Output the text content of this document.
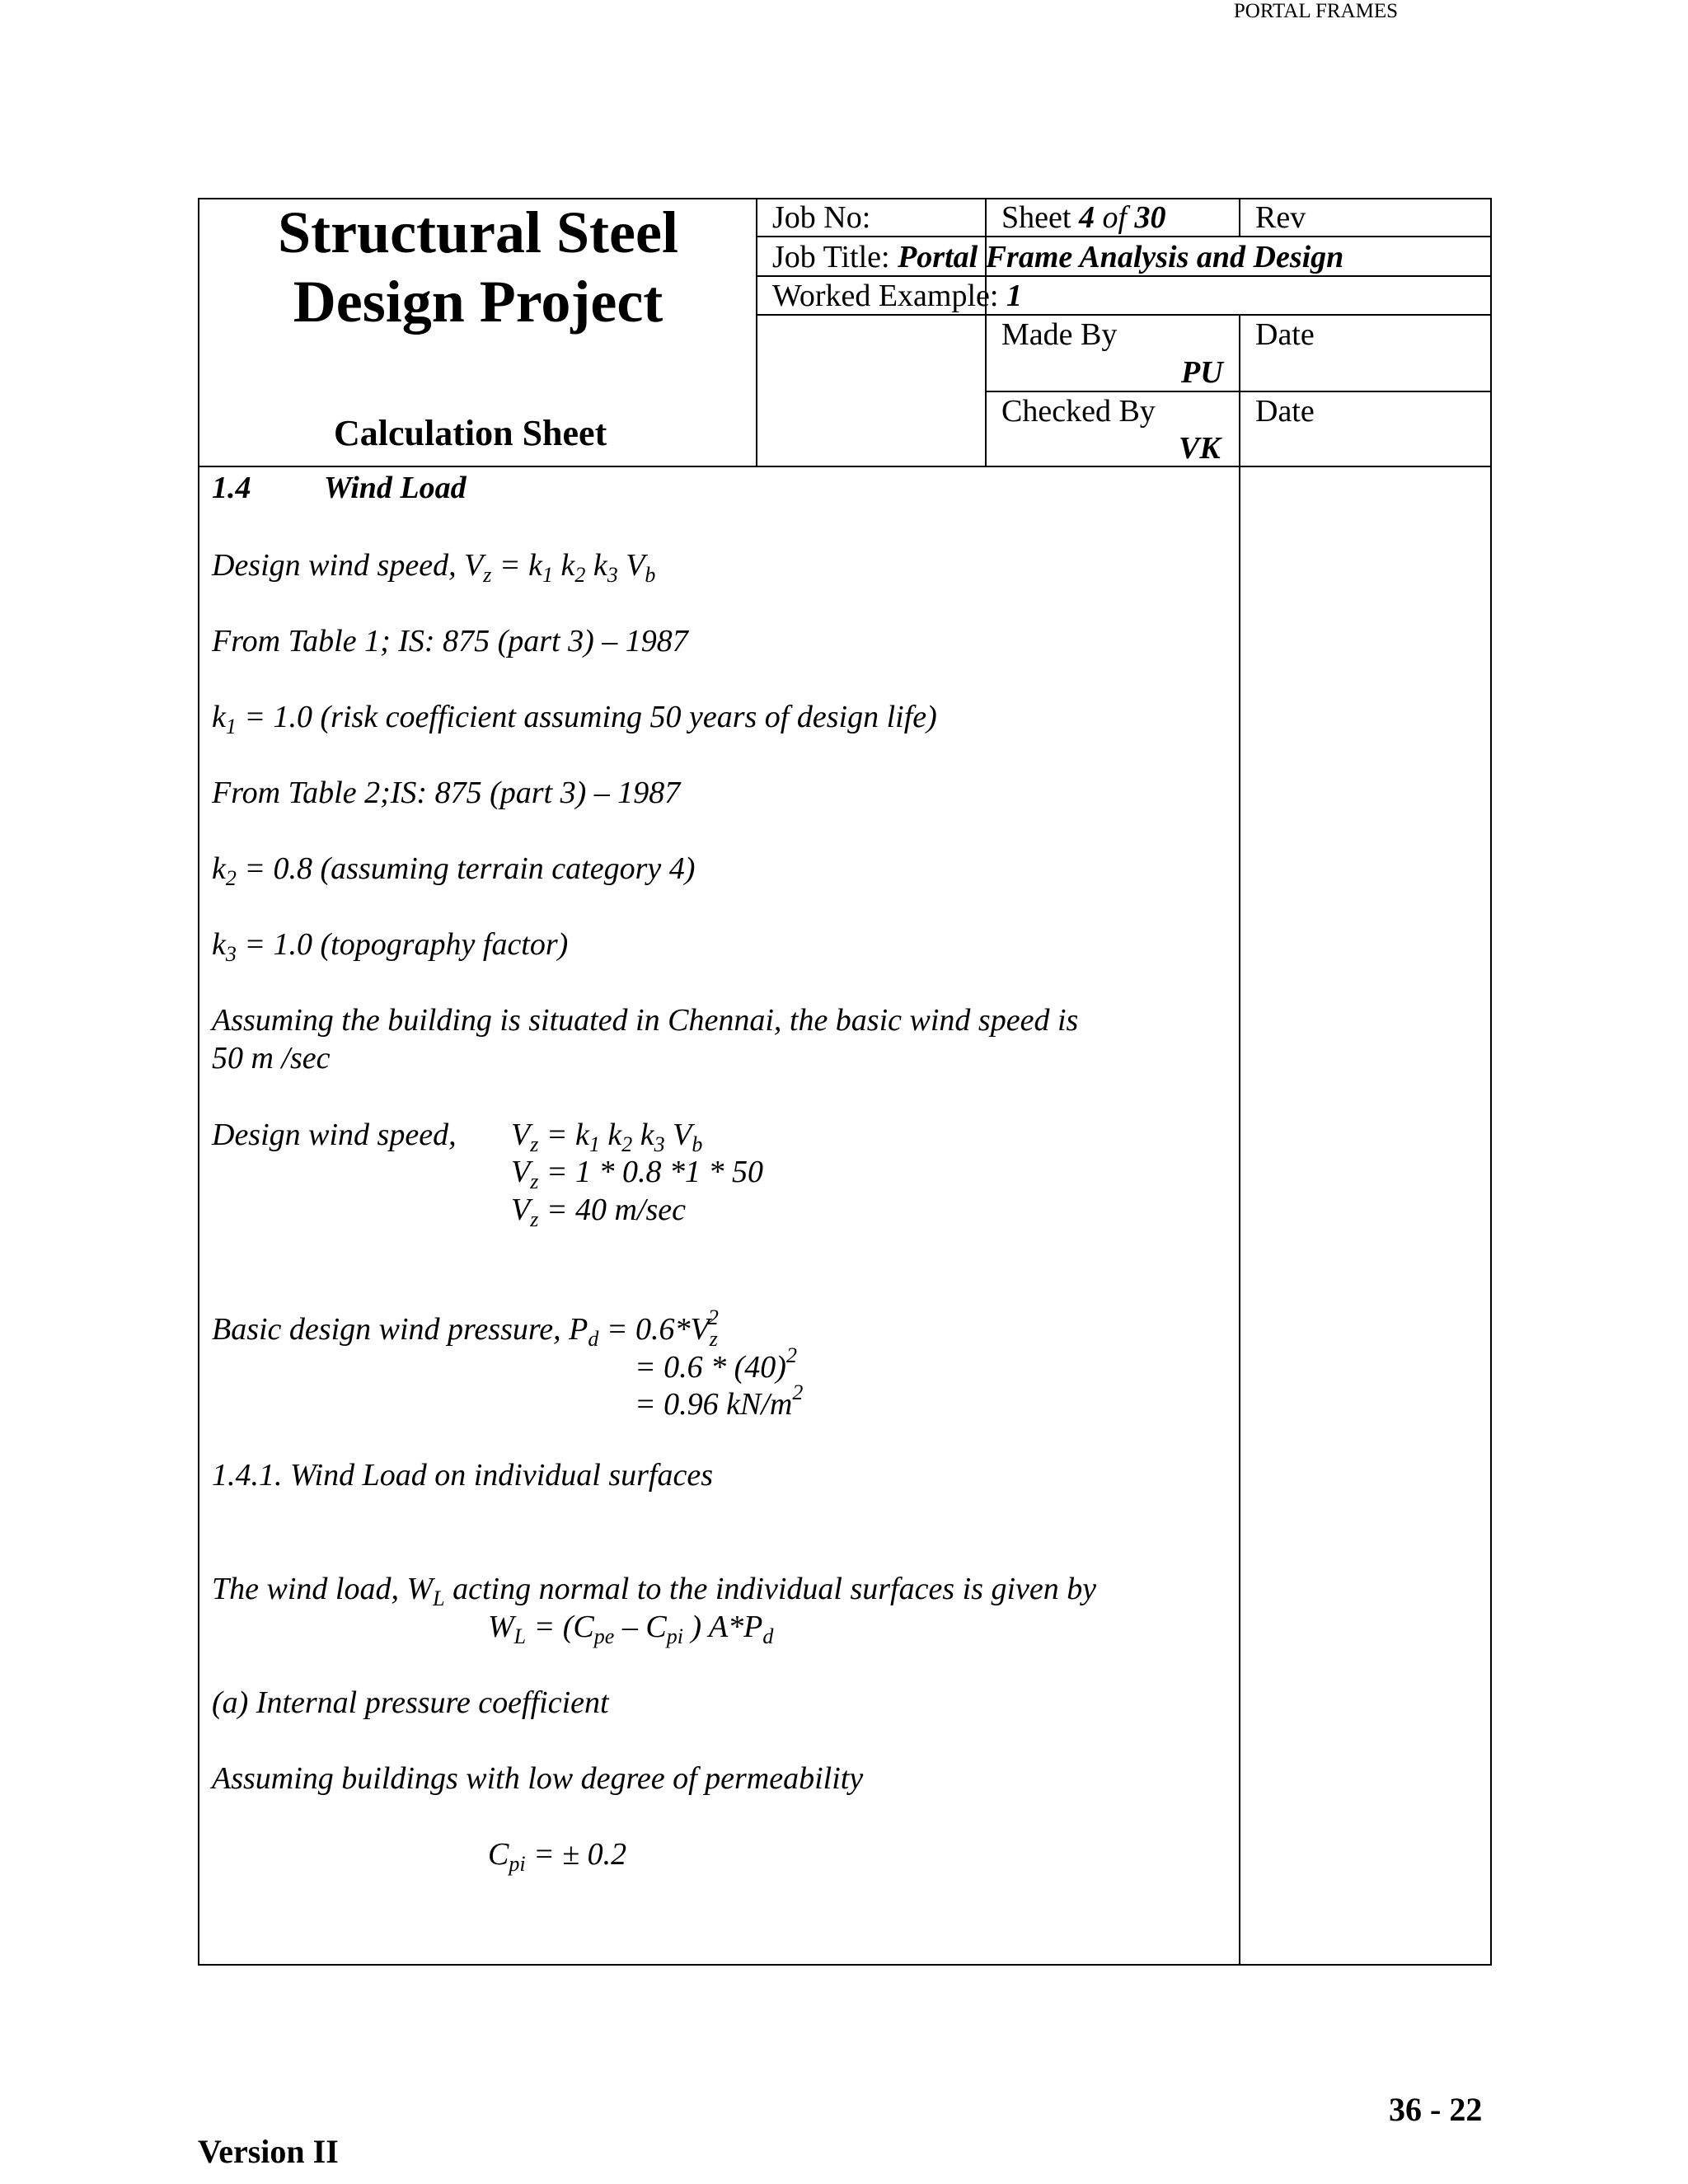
PORTAL FRAMES
Structural Steel
Design Project
Calculation Sheet
Job No:	Sheet 4 of 30	Rev
Job Title: Portal Frame Analysis and Design
Worked Example: 1
Made By
PU
Date
Checked By
VK
Date
1.4 Wind Load
Design wind speed, $V_z = k_1$ $k_2$ $k_3$ $V_b$
From Table 1; IS: 875 (part 3) – 1987
$k_1 = 1.0$ (risk coefficient assuming 50 years of design life)
From Table 2;IS: 875 (part 3) – 1987
$k_2 = 0.8$ (assuming terrain category 4)
$k_3 = 1.0$ (topography factor)
Assuming the building is situated in Chennai, the basic wind speed is
50 m /sec
Design wind speed, $V_z = k_1$ $k_2$ $k_3$ $V_b$
$V_z = 1 * 0.8$ *1 * 50
$V_z = 40$ m/sec
Basic design wind pressure, $P_d = 0.6*V_z^2$
= $0.6 * (40)^2$
= 0.96 $kN/m^2$
1.4.1. Wind Load on individual surfaces
The wind load, $W_L$ acting normal to the individual surfaces is given by
$W_L = (C_{pe} - C_{pi}$ ) $A*P_d$
(a) Internal pressure coefficient
Assuming buildings with low degree of permeability
$C_{pi}$ = ± 0.2
36 - 22
Version II
